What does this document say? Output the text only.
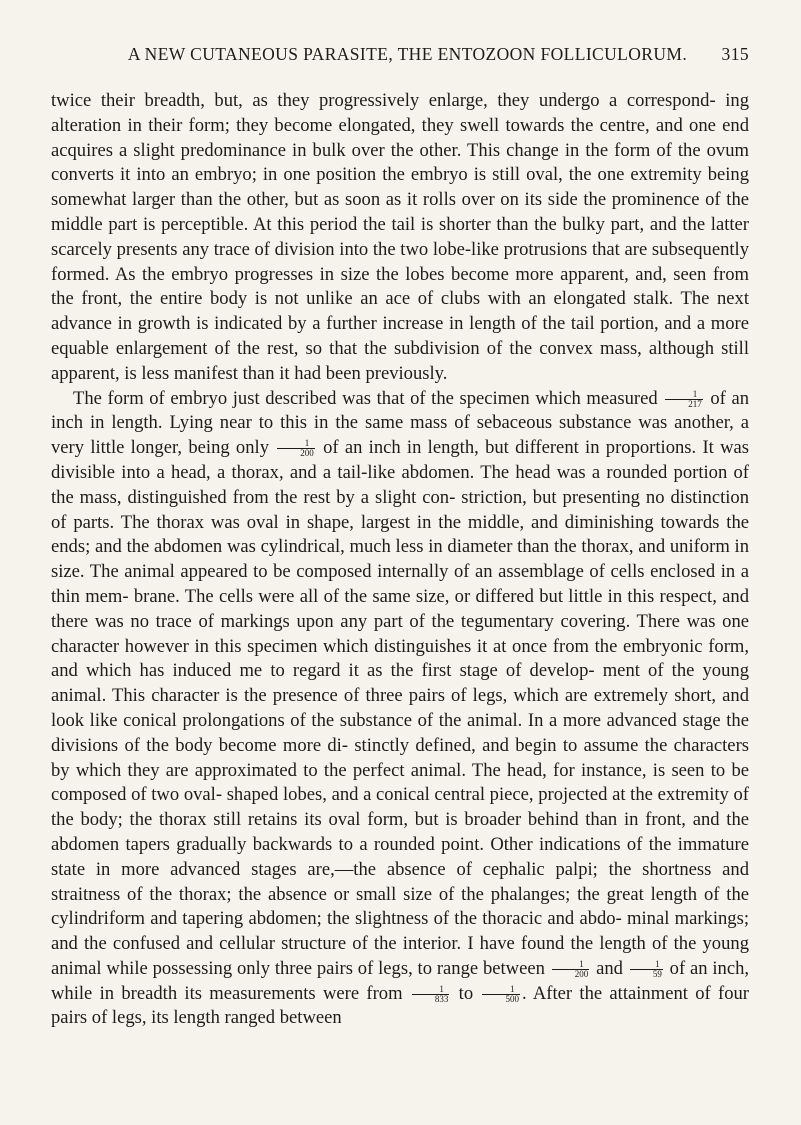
A NEW CUTANEOUS PARASITE, THE ENTOZOON FOLLICULORUM.	315

twice their breadth, but, as they progressively enlarge, they undergo a correspond- ing alteration in their form; they become elongated, they swell towards the centre, and one end acquires a slight predominance in bulk over the other. This change in the form of the ovum converts it into an embryo; in one position the embryo is still oval, the one extremity being somewhat larger than the other, but as soon as it rolls over on its side the prominence of the middle part is perceptible. At this period the tail is shorter than the bulky part, and the latter scarcely presents any trace of division into the two lobe-like protrusions that are subsequently formed. As the embryo progresses in size the lobes become more apparent, and, seen from the front, the entire body is not unlike an ace of clubs with an elongated stalk. The next advance in growth is indicated by a further increase in length of the tail portion, and a more equable enlargement of the rest, so that the subdivision of the convex mass, although still apparent, is less manifest than it had been previously.

The form of embryo just described was that of the specimen which measured $\frac{1}{217}$ of an inch in length. Lying near to this in the same mass of sebaceous substance was another, a very little longer, being only $\frac{1}{200}$ of an inch in length, but different in proportions. It was divisible into a head, a thorax, and a tail-like abdomen. The head was a rounded portion of the mass, distinguished from the rest by a slight con- striction, but presenting no distinction of parts. The thorax was oval in shape, largest in the middle, and diminishing towards the ends; and the abdomen was cylindrical, much less in diameter than the thorax, and uniform in size. The animal appeared to be composed internally of an assemblage of cells enclosed in a thin mem- brane. The cells were all of the same size, or differed but little in this respect, and there was no trace of markings upon any part of the tegumentary covering. There was one character however in this specimen which distinguishes it at once from the embryonic form, and which has induced me to regard it as the first stage of develop- ment of the young animal. This character is the presence of three pairs of legs, which are extremely short, and look like conical prolongations of the substance of the animal. In a more advanced stage the divisions of the body become more di- stinctly defined, and begin to assume the characters by which they are approximated to the perfect animal. The head, for instance, is seen to be composed of two oval- shaped lobes, and a conical central piece, projected at the extremity of the body; the thorax still retains its oval form, but is broader behind than in front, and the abdomen tapers gradually backwards to a rounded point. Other indications of the immature state in more advanced stages are,—the absence of cephalic palpi; the shortness and straitness of the thorax; the absence or small size of the phalanges; the great length of the cylindriform and tapering abdomen; the slightness of the thoracic and abdo- minal markings; and the confused and cellular structure of the interior. I have found the length of the young animal while possessing only three pairs of legs, to range between $\frac{1}{200}$ and $\frac{1}{59}$ of an inch, while in breadth its measurements were from $\frac{1}{833}$ to $\frac{1}{500}$ . After the attainment of four pairs of legs, its length ranged between
